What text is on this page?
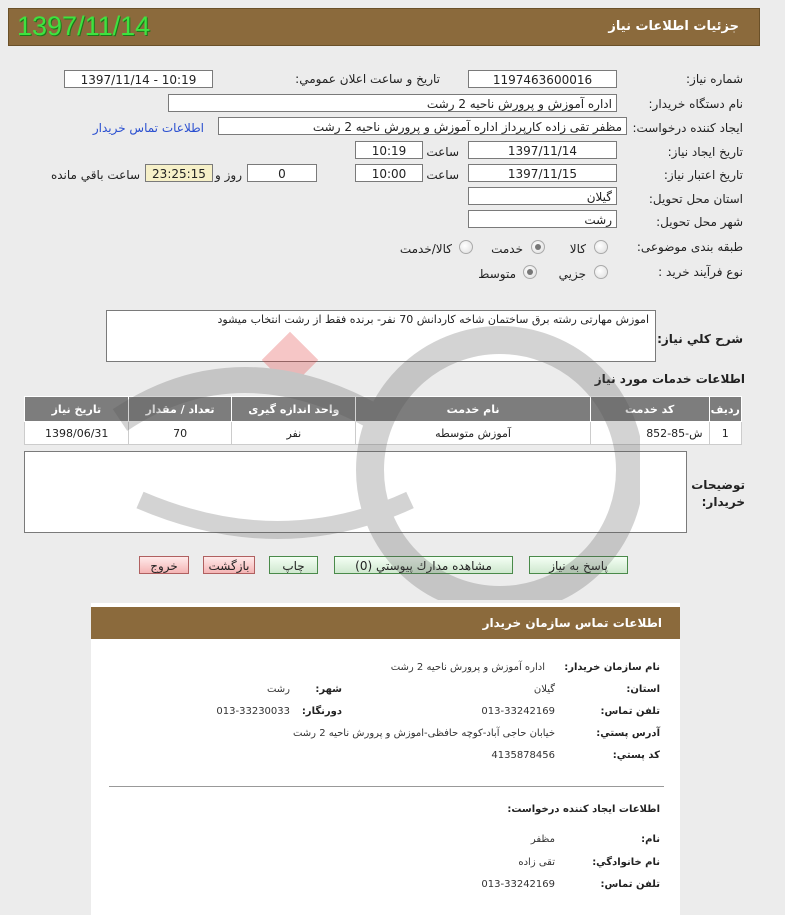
1397/11/14	جزئيات اطلاعات نياز
شماره نياز:
1197463600016
تاريخ و ساعت اعلان عمومي:
1397/11/14 - 10:19
نام دستگاه خريدار:
اداره آموزش و پرورش ناحیه 2 رشت
ايجاد كننده درخواست:
مظفر تقی زاده کارپرداز اداره آموزش و پرورش ناحیه 2 رشت
اطلاعات تماس خريدار
تاريخ ايجاد نياز:
1397/11/14
ساعت
10:19
تاريخ اعتبار نياز:
1397/11/15
ساعت
10:00
0
روز و
23:25:15
ساعت باقي مانده
استان محل تحويل:
گیلان
شهر محل تحويل:
رشت
طبقه بندی موضوعی:
كالا
خدمت
كالا/خدمت
نوع فرآيند خريد :
جزيي
متوسط
شرح كلي نياز:
اموزش مهارتی رشته برق ساختمان شاخه کاردانش 70 نفر- برنده فقط از رشت انتخاب میشود
اطلاعات خدمات مورد نياز
رديف	كد خدمت	نام خدمت	واحد اندازه گيری	تعداد / مقدار	تاريخ نياز
1	ش-85-852	آموزش متوسطه	نفر	70	1398/06/31
توضيحات
خريدار:
پاسخ به نياز
مشاهده مدارك پيوستي (0)
چاپ
بازگشت
خروج
اطلاعات تماس سازمان خريدار
نام سازمان خريدار:
اداره آموزش و پرورش ناحیه 2 رشت
استان:
گیلان
شهر:
رشت
تلفن تماس:
013-33242169
دورنگار:
013-33230033
آدرس پستي:
خیابان حاجی آباد-کوچه حافظی-اموزش و پرورش ناحیه 2 رشت
كد پستي:
4135878456
اطلاعات ايجاد كننده درخواست:
نام:
مظفر
نام خانوادگي:
تقی زاده
تلفن تماس:
013-33242169
